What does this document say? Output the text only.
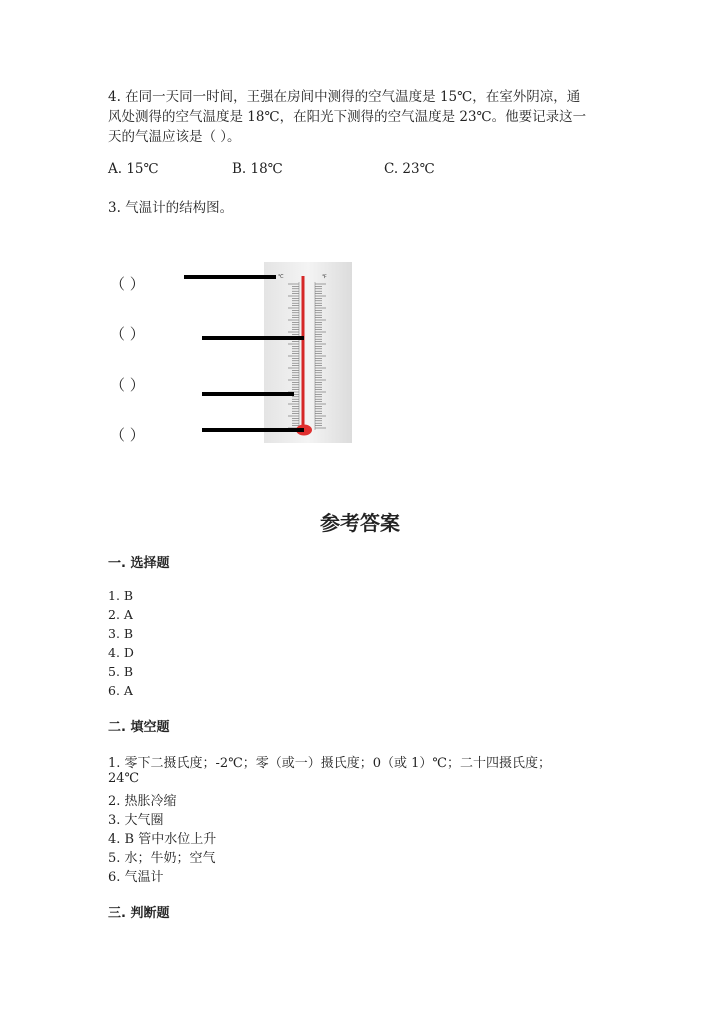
4. 在同一天同一时间，王强在房间中测得的空气温度是 15℃，在室外阴凉，通
风处测得的空气温度是 18℃，在阳光下测得的空气温度是 23℃。他要记录这一
天的气温应该是（ ）。
A. 15℃	B. 18℃	C. 23℃
3. 气温计的结构图。
（ ）
（ ）
（ ）
（ ）
℃	℉
参考答案
一. 选择题
1. B
2. A
3. B
4. D
5. B
6. A
二. 填空题
1. 零下二摄氏度；-2℃；零（或一）摄氏度；0（或 1）℃；二十四摄氏度；
24℃
2. 热胀冷缩
3. 大气圈
4. B 管中水位上升
5. 水；牛奶；空气
6. 气温计
三. 判断题
